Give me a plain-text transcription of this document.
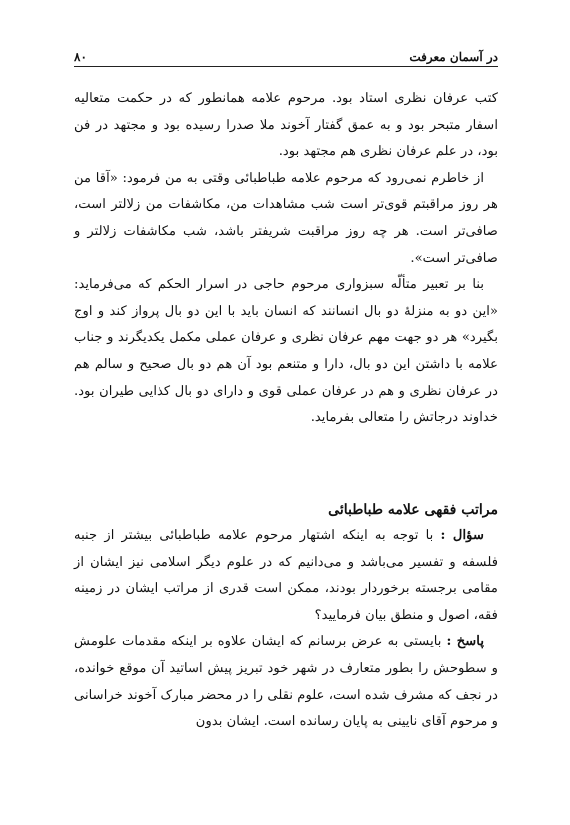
در آسمان معرفت
۸۰

کتب عرفان نظری استاد بود. مرحوم علامه همانطور که در حکمت متعالیه اسفار متبحر بود و به عمق گفتار آخوند ملا صدرا رسیده بود و مجتهد در فن بود، در علم عرفان نظری هم مجتهد بود.

از خاطرم نمی‌رود که مرحوم علامه طباطبائی وقتی به من فرمود: «آقا من هر روز مراقبتم قوی‌تر است شب مشاهدات من، مکاشفات من زلالتر است، صافی‌تر است. هر چه روز مراقبت شریفتر باشد، شب مکاشفات زلالتر و صافی‌تر است».

بنا بر تعبیر متألّه سبزواری مرحوم حاجی در اسرار الحکم که می‌فرماید: «این دو به منزلهٔ دو بال انسانند که انسان باید با این دو بال پرواز کند و اوج بگیرد» هر دو جهت مهم عرفان نظری و عرفان عملی مکمل یکدیگرند و جناب علامه با داشتن این دو بال، دارا و متنعم بود آن هم دو بال صحیح و سالم هم در عرفان نظری و هم در عرفان عملی قوی و دارای دو بال کذایی طیران بود. خداوند درجاتش را متعالی بفرماید.

مراتب فقهی علامه طباطبائی

سؤال : با توجه به اینکه اشتهار مرحوم علامه طباطبائی بیشتر از جنبه فلسفه و تفسیر می‌باشد و می‌دانیم که در علوم دیگر اسلامی نیز ایشان از مقامی برجسته برخوردار بودند، ممکن است قدری از مراتب ایشان در زمینه فقه، اصول و منطق بیان فرمایید؟

پاسخ : بایستی به عرض برسانم که ایشان علاوه بر اینکه مقدمات علومش و سطوحش را بطور متعارف در شهر خود تبریز پیش اساتید آن موقع خوانده، در نجف که مشرف شده است، علوم نقلی را در محضر مبارک آخوند خراسانی و مرحوم آقای نایینی به پایان رسانده است. ایشان بدون
